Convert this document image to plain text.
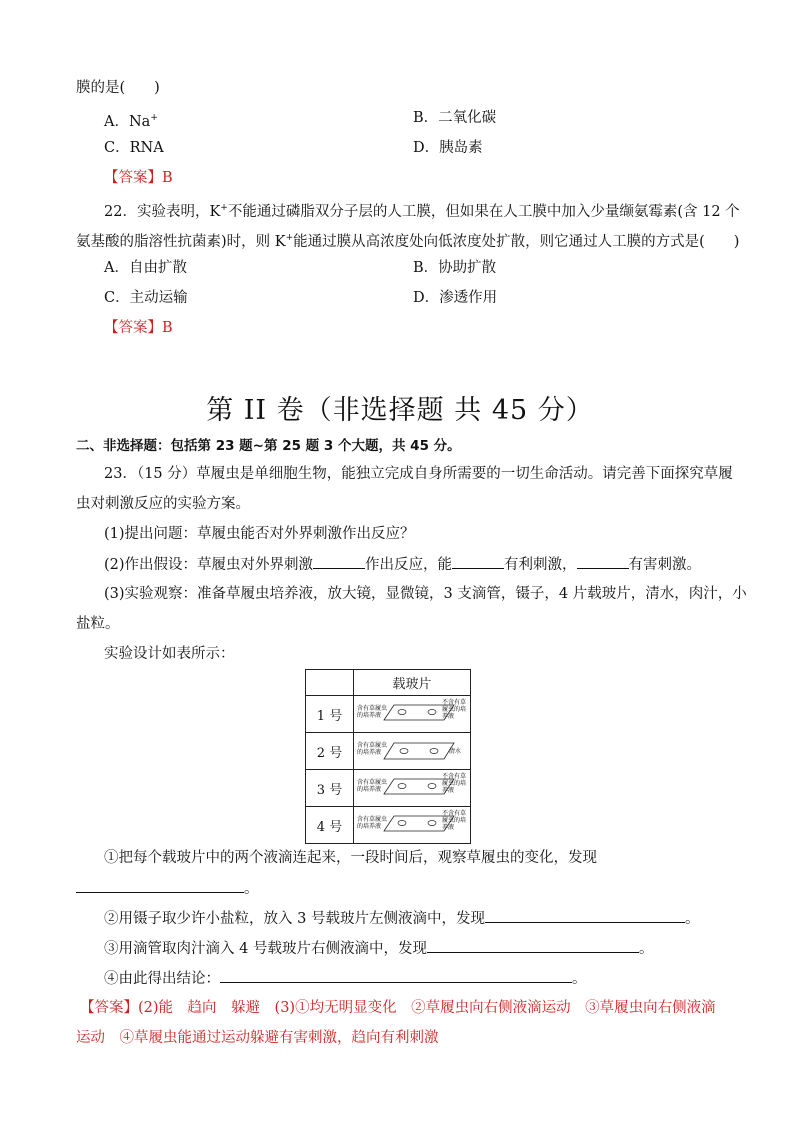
膜的是(　　)
A．Na+	B．二氧化碳
C．RNA	D．胰岛素
【答案】B
22．实验表明，K+不能通过磷脂双分子层的人工膜，但如果在人工膜中加入少量缬氨霉素(含 12 个
氨基酸的脂溶性抗菌素)时，则 K+能通过膜从高浓度处向低浓度处扩散，则它通过人工膜的方式是(　　)
A．自由扩散	B．协助扩散
C．主动运输	D．渗透作用
【答案】B
第 II 卷（非选择题 共 45 分）
二、非选择题：包括第 23 题~第 25 题 3 个大题，共 45 分。
23．（15 分）草履虫是单细胞生物，能独立完成自身所需要的一切生命活动。请完善下面探究草履
虫对刺激反应的实验方案。
(1)提出问题：草履虫能否对外界刺激作出反应？
(2)作出假设：草履虫对外界刺激	作出反应，能	有利刺激，	有害刺激。
(3)实验观察：准备草履虫培养液，放大镜，显微镜，3 支滴管，镊子，4 片载玻片，清水，肉汁，小
盐粒。
实验设计如表所示：
	载玻片
1 号	含有草履虫
的培养液
不含有草
履虫的培
养液

2 号	含有草履虫
的培养液 清水

3 号	含有草履虫
的培养液
不含有草
履虫的培
养液

4 号	含有草履虫
的培养液
不含有草
履虫的培
养液
①把每个载玻片中的两个液滴连起来，一段时间后，观察草履虫的变化，发现
。
②用镊子取少许小盐粒，放入 3 号载玻片左侧液滴中，发现	。
③用滴管取肉汁滴入 4 号载玻片右侧液滴中，发现	。
④由此得出结论：	。
【答案】(2)能　趋向　躲避　(3)①均无明显变化　②草履虫向右侧液滴运动　③草履虫向右侧液滴
运动　④草履虫能通过运动躲避有害刺激，趋向有利刺激
